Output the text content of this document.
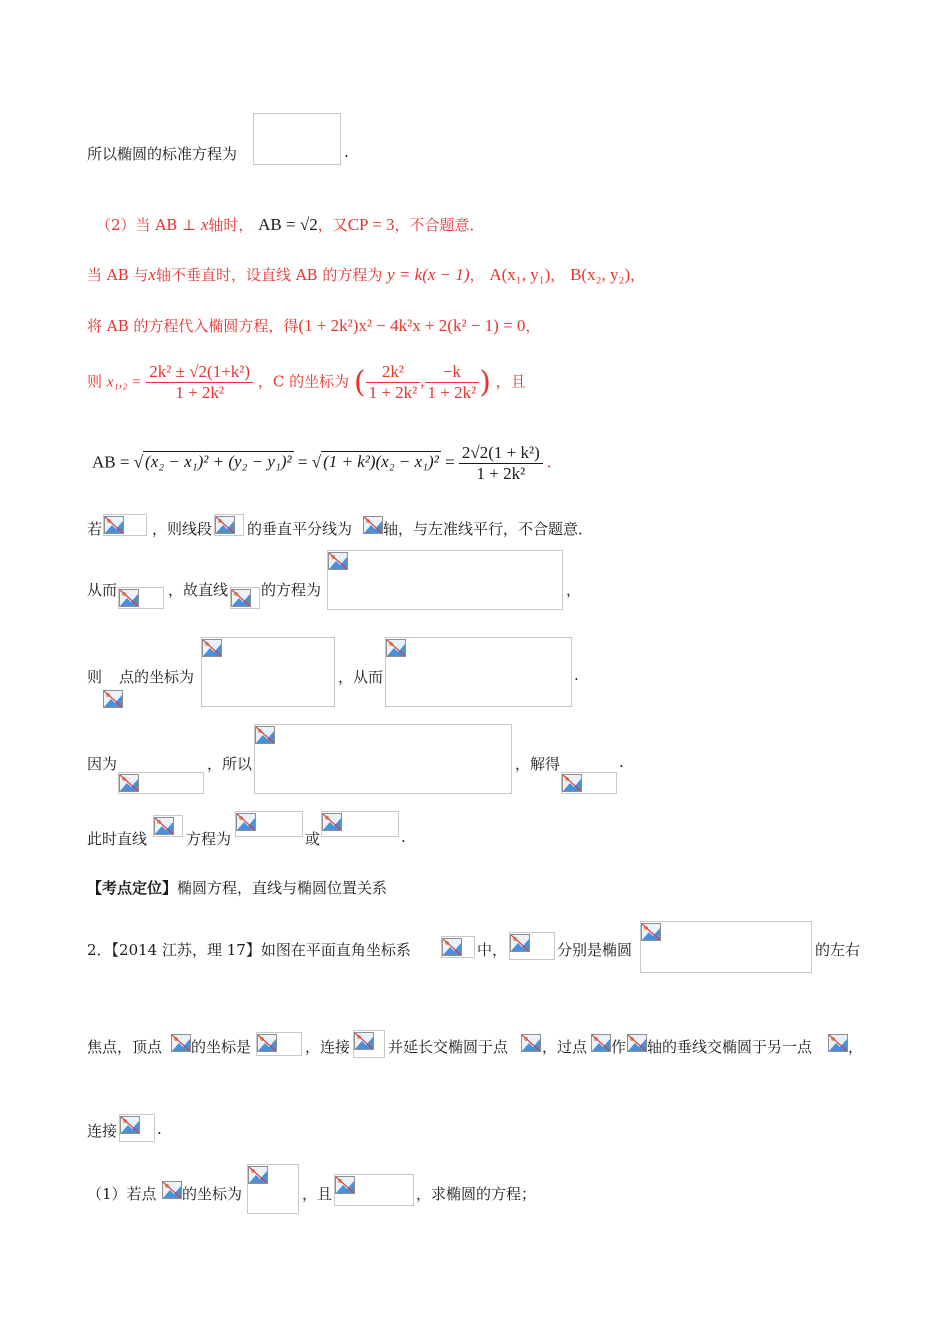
所以椭圆的标准方程为	.
（2）当 AB ⊥ x轴时， AB = √2，又CP = 3，不合题意．
当 AB 与x轴不垂直时，设直线 AB 的方程为 y = k(x − 1)， A(x₁, y₁)， B(x₂, y₂)，
将 AB 的方程代入椭圆方程，得(1 + 2k²)x² − 4k²x + 2(k² − 1) = 0，
则 $x_1,_2 = \frac{\text{2k² ± √2(1+k²)}}{\text{1 + 2k²}}$ ，C 的坐标为 ( $\frac{\text{2k²}}{\text{1 + 2k²}}$ , $\frac{-k}{\text{1 + 2k²}}$ ) ，且
AB = √ (x₂ − x₁)² + (y₂ − y₁)² = √ $(1 + k^2)(x_2 - x_1)^2 = \frac{\text{2√2(1 + k²)}}{\text{1 + 2k²}}$ .
若	，则线段 的垂直平分线为 轴，与左准线平行，不合题意．
从而	，故直线 的方程为	，
则 点的坐标为	，从而	.
因为	，所以	，解得	.
此时直线	方程为	或	.
【考点定位】椭圆方程，直线与椭圆位置关系
2．【2014 江苏，理 17】如图在平面直角坐标系	中，	分别是椭圆	的左右
焦点，顶点 的坐标是	，连接	并延长交椭圆于点 ，过点 作 轴的垂线交椭圆于另一点 ，
连接	.
（1）若点 的坐标为	，且	，求椭圆的方程；
